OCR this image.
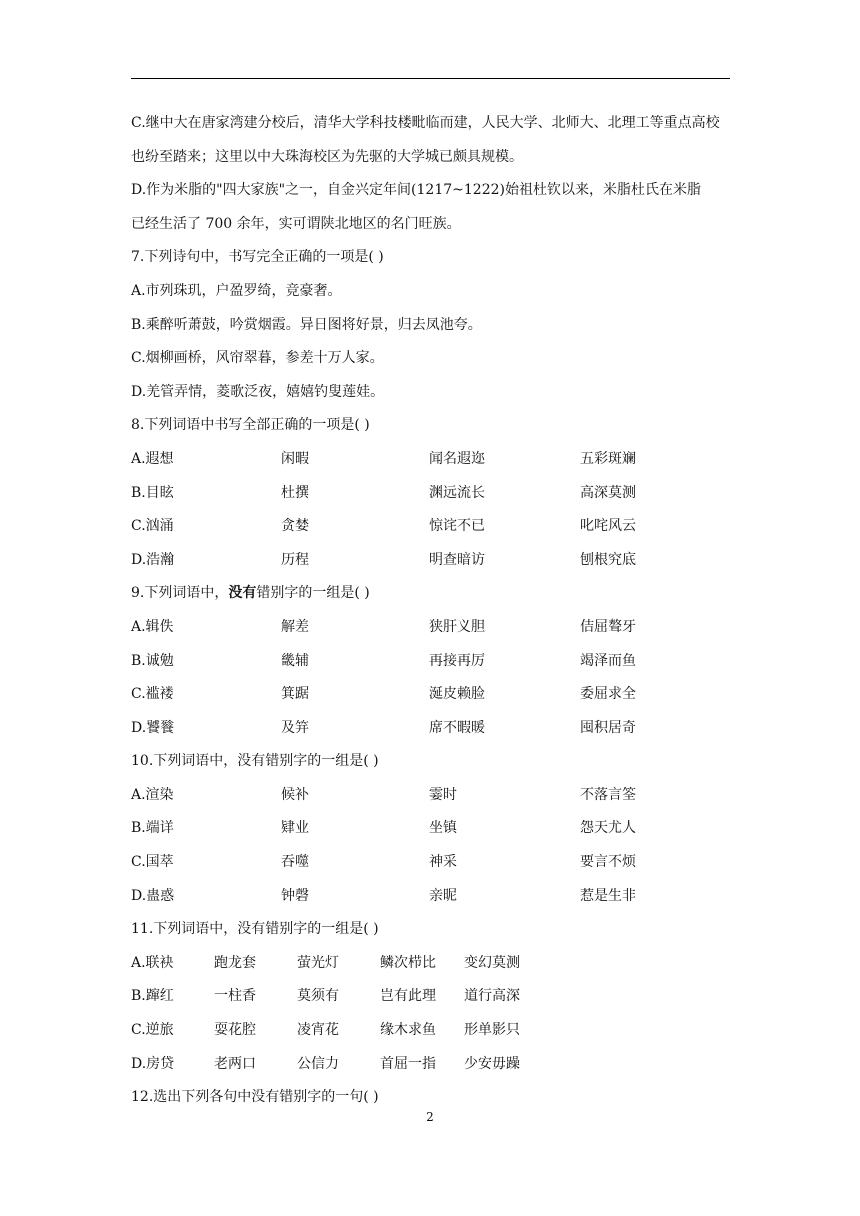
C.继中大在唐家湾建分校后，清华大学科技楼毗临而建，人民大学、北师大、北理工等重点高校也纷至踏来；这里以中大珠海校区为先驱的大学城已颇具规模。

D.作为米脂的"四大家族"之一，自金兴定年间(1217~1222)始祖杜钦以来，米脂杜氏在米脂

已经生活了 700 余年，实可谓陕北地区的名门旺族。

7.下列诗句中，书写完全正确的一项是( )

A.市列珠玑，户盈罗绮，竞豪奢。

B.乘醉听萧鼓，吟赏烟霞。异日图将好景，归去凤池夸。

C.烟柳画桥，风帘翠暮，参差十万人家。

D.羌管弄情，菱歌泛夜，嬉嬉钓叟莲娃。

8.下列词语中书写全部正确的一项是( )

A.遐想	闲暇	闻名遐迩	五彩斑斓
B.目眩	杜撰	渊远流长	高深莫测
C.汹涌	贪婪	惊诧不已	叱咤风云
D.浩瀚	历程	明查暗访	刨根究底

9.下列词语中，没有错别字的一组是( )

A.辑佚	解差	狭肝义胆	佶屈聱牙
B.诚勉	畿辅	再接再厉	竭泽而鱼
C.褴褛	箕踞	涎皮赖脸	委屈求全
D.饕餮	及笄	席不暇暖	囤积居奇

10.下列词语中，没有错别字的一组是( )

A.渲染	候补	霎时	不落言筌
B.端详	肄业	坐镇	怨天尤人
C.国萃	吞噬	神采	要言不烦
D.蛊惑	钟磬	亲昵	惹是生非

11.下列词语中，没有错别字的一组是( )

A.联袂	跑龙套	萤光灯	鳞次栉比 变幻莫测
B.蹿红	一柱香	莫须有	岂有此理 道行高深
C.逆旅	耍花腔	凌宵花	缘木求鱼 形单影只
D.房贷	老两口	公信力	首屈一指 少安毋躁

12.选出下列各句中没有错别字的一句( )

2
